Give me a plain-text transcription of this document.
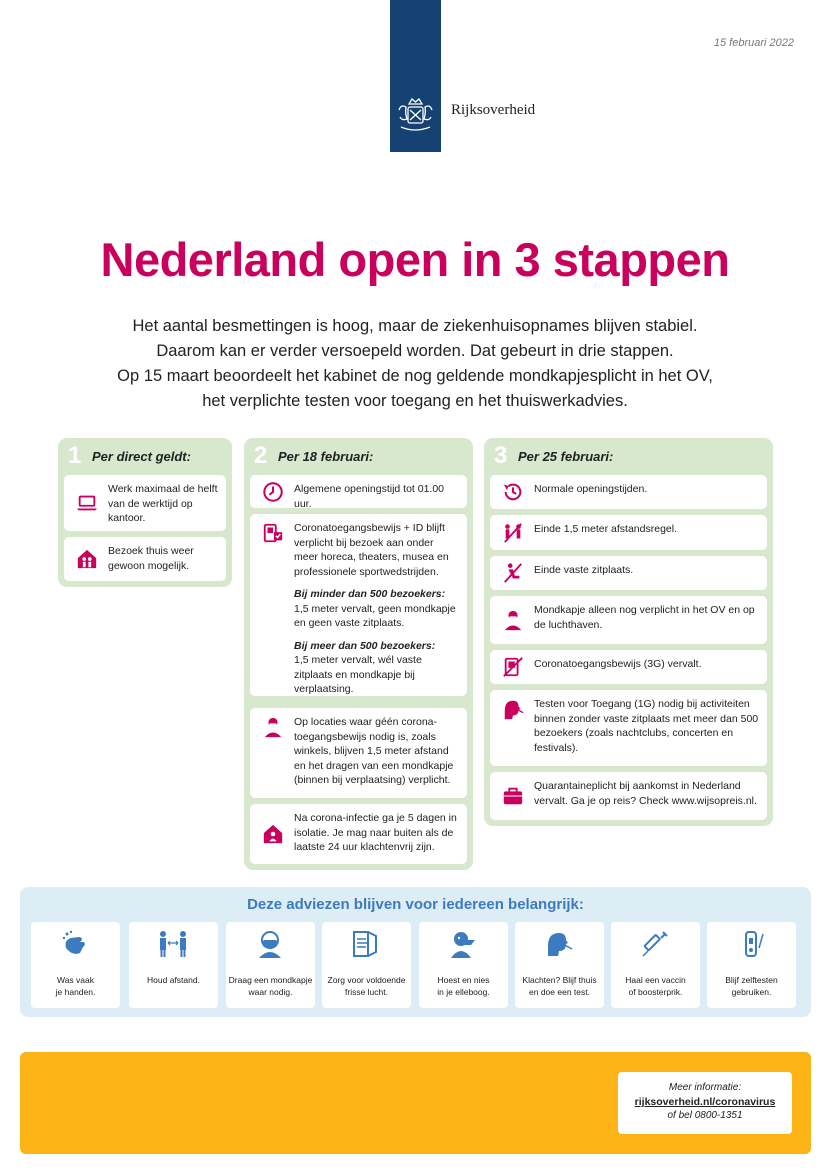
15 februari 2022
Rijksoverheid
Nederland open in 3 stappen

Het aantal besmettingen is hoog, maar de ziekenhuisopnames blijven stabiel.

Daarom kan er verder versoepeld worden. Dat gebeurt in drie stappen.

Op 15 maart beoordeelt het kabinet de nog geldende mondkapjesplicht in het OV,

het verplichte testen voor toegang en het thuiswerkadvies.

1 Per direct geldt:
Werk maximaal de helft van de werktijd op kantoor.
Bezoek thuis weer gewoon mogelijk.
2 Per 18 februari:
Algemene openingstijd tot 01.00 uur.
Coronatoegangsbewijs + ID blijft verplicht bij bezoek aan onder meer horeca, theaters, musea en professionele sportwedstrijden.
Bij minder dan 500 bezoekers:
1,5 meter vervalt, geen mondkapje en geen vaste zitplaats.
Bij meer dan 500 bezoekers:
1,5 meter vervalt, wél vaste zitplaats en mondkapje bij verplaatsing.
Op locaties waar géén corona-toegangsbewijs nodig is, zoals winkels, blijven 1,5 meter afstand en het dragen van een mondkapje (binnen bij verplaatsing) verplicht.
Na corona-infectie ga je 5 dagen in isolatie. Je mag naar buiten als de laatste 24 uur klachtenvrij zijn.
3 Per 25 februari:
Normale openingstijden.
Einde 1,5 meter afstandsregel.
Einde vaste zitplaats.
Mondkapje alleen nog verplicht in het OV en op de luchthaven.
Coronatoegangsbewijs (3G) vervalt.
Testen voor Toegang (1G) nodig bij activiteiten binnen zonder vaste zitplaats met meer dan 500 bezoekers (zoals nachtclubs, concerten en festivals).
Quarantaineplicht bij aankomst in Nederland vervalt. Ga je op reis? Check www.wijsopreis.nl.
Deze adviezen blijven voor iedereen belangrijk:
Was vaak
je handen.
Houd afstand.	Draag een mondkapje
waar nodig.
Zorg voor voldoende
frisse lucht.
Hoest en nies
in je elleboog.
Klachten? Blijf thuis
en doe een test.
Haal een vaccin
of boosterprik.
Blijf zelftesten
gebruiken.
Meer informatie:
rijksoverheid.nl/coronavirus
of bel 0800-1351
